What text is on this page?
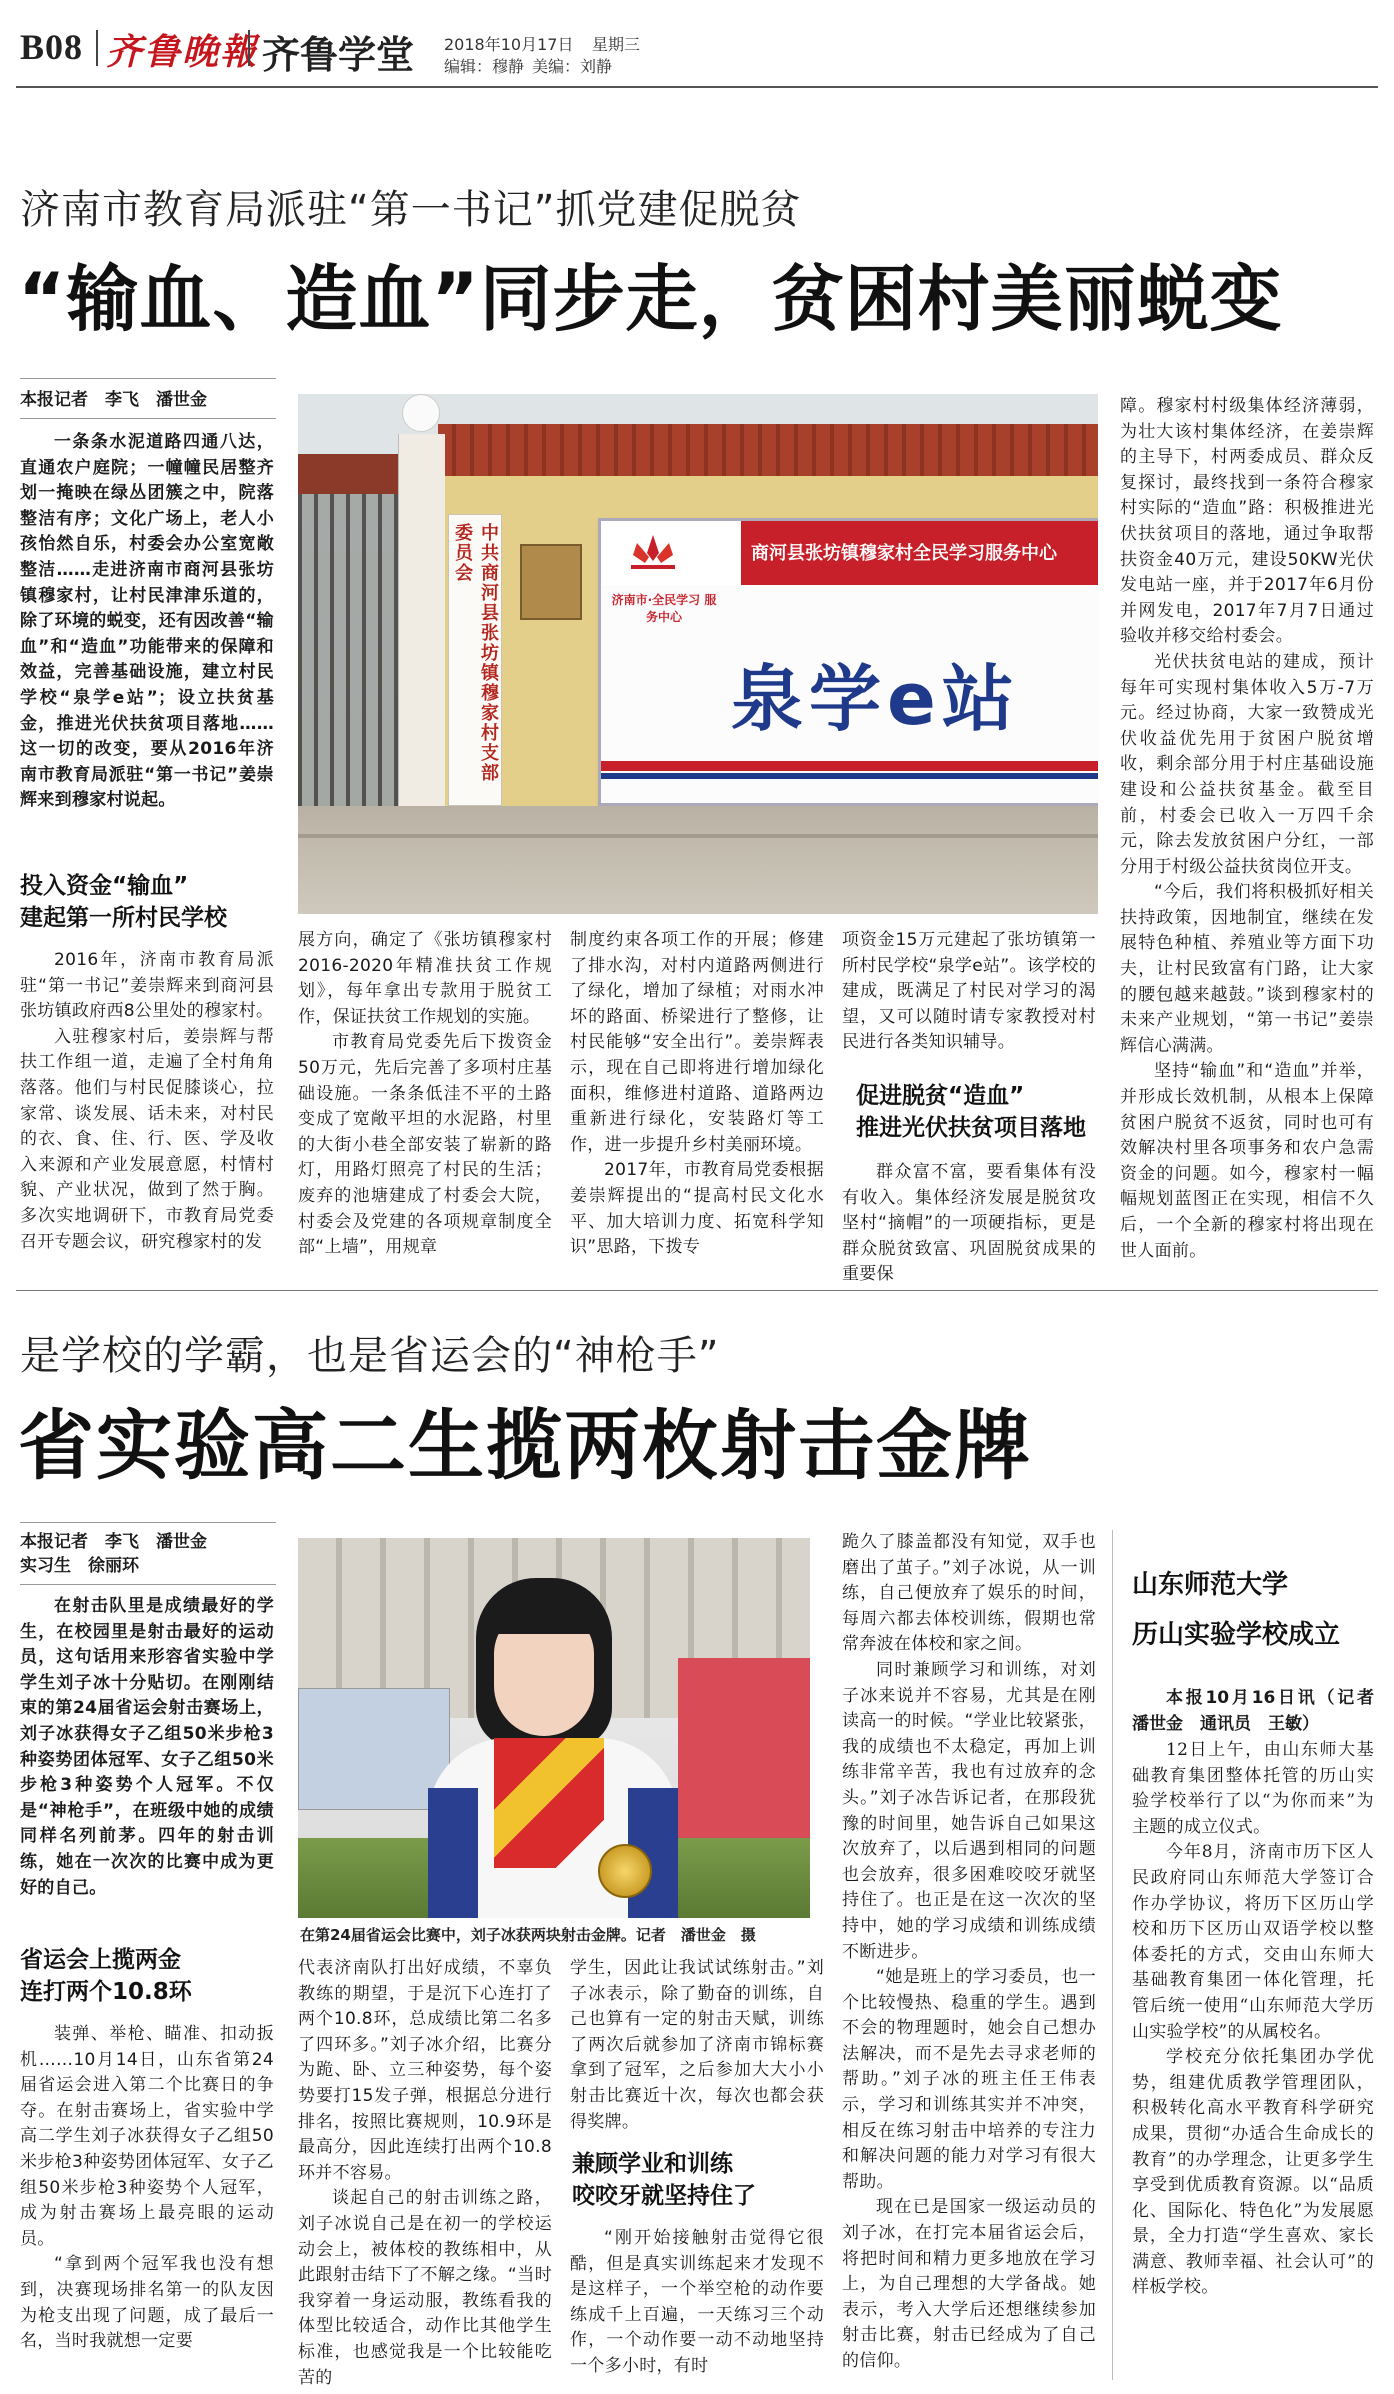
B08 齐鲁晚報 齐鲁学堂 2018年10月17日 星期三
编辑：穆静 美编：刘静
济南市教育局派驻“第一书记”抓党建促脱贫
“输血、造血”同步走，贫困村美丽蜕变
本报记者　李飞　潘世金

一条条水泥道路四通八达，直通农户庭院；一幢幢民居整齐划一掩映在绿丛团簇之中，院落整洁有序；文化广场上，老人小孩怡然自乐，村委会办公室宽敞整洁……走进济南市商河县张坊镇穆家村，让村民津津乐道的，除了环境的蜕变，还有因改善“输血”和“造血”功能带来的保障和效益，完善基础设施，建立村民学校“泉学e站”；设立扶贫基金，推进光伏扶贫项目落地……这一切的改变，要从2016年济南市教育局派驻“第一书记”姜崇辉来到穆家村说起。

投入资金“输血”
建起第一所村民学校

2016年，济南市教育局派驻“第一书记”姜崇辉来到商河县张坊镇政府西8公里处的穆家村。

入驻穆家村后，姜崇辉与帮扶工作组一道，走遍了全村角角落落。他们与村民促膝谈心，拉家常、谈发展、话未来，对村民的衣、食、住、行、医、学及收入来源和产业发展意愿，村情村貌、产业状况，做到了然于胸。多次实地调研下，市教育局党委召开专题会议，研究穆家村的发

中共商河县张坊镇穆家村支部委员会	商河县张坊镇穆家村全民学习服务中心
济南市·全民学习 服务中心
泉学e站

展方向，确定了《张坊镇穆家村2016-2020年精准扶贫工作规划》，每年拿出专款用于脱贫工作，保证扶贫工作规划的实施。

市教育局党委先后下拨资金50万元，先后完善了多项村庄基础设施。一条条低洼不平的土路变成了宽敞平坦的水泥路，村里的大街小巷全部安装了崭新的路灯，用路灯照亮了村民的生活；废弃的池塘建成了村委会大院，村委会及党建的各项规章制度全部“上墙”，用规章

制度约束各项工作的开展；修建了排水沟，对村内道路两侧进行了绿化，增加了绿植；对雨水冲坏的路面、桥梁进行了整修，让村民能够“安全出行”。姜崇辉表示，现在自己即将进行增加绿化面积，维修进村道路、道路两边重新进行绿化，安装路灯等工作，进一步提升乡村美丽环境。

2017年，市教育局党委根据姜崇辉提出的“提高村民文化水平、加大培训力度、拓宽科学知识”思路，下拨专

项资金15万元建起了张坊镇第一所村民学校“泉学e站”。该学校的建成，既满足了村民对学习的渴望，又可以随时请专家教授对村民进行各类知识辅导。

促进脱贫“造血”
推进光伏扶贫项目落地

群众富不富，要看集体有没有收入。集体经济发展是脱贫攻坚村“摘帽”的一项硬指标，更是群众脱贫致富、巩固脱贫成果的重要保

障。穆家村村级集体经济薄弱，为壮大该村集体经济，在姜崇辉的主导下，村两委成员、群众反复探讨，最终找到一条符合穆家村实际的“造血”路：积极推进光伏扶贫项目的落地，通过争取帮扶资金40万元，建设50KW光伏发电站一座，并于2017年6月份并网发电，2017年7月7日通过验收并移交给村委会。

光伏扶贫电站的建成，预计每年可实现村集体收入5万-7万元。经过协商，大家一致赞成光伏收益优先用于贫困户脱贫增收，剩余部分用于村庄基础设施建设和公益扶贫基金。截至目前，村委会已收入一万四千余元，除去发放贫困户分红，一部分用于村级公益扶贫岗位开支。

“今后，我们将积极抓好相关扶持政策，因地制宜，继续在发展特色种植、养殖业等方面下功夫，让村民致富有门路，让大家的腰包越来越鼓。”谈到穆家村的未来产业规划，“第一书记”姜崇辉信心满满。

坚持“输血”和“造血”并举，并形成长效机制，从根本上保障贫困户脱贫不返贫，同时也可有效解决村里各项事务和农户急需资金的问题。如今，穆家村一幅幅规划蓝图正在实现，相信不久后，一个全新的穆家村将出现在世人面前。

是学校的学霸，也是省运会的“神枪手”
省实验高二生揽两枚射击金牌
本报记者　李飞　潘世金
实习生　徐丽环

在射击队里是成绩最好的学生，在校园里是射击最好的运动员，这句话用来形容省实验中学学生刘子冰十分贴切。在刚刚结束的第24届省运会射击赛场上，刘子冰获得女子乙组50米步枪3种姿势团体冠军、女子乙组50米步枪3种姿势个人冠军。不仅是“神枪手”，在班级中她的成绩同样名列前茅。四年的射击训练，她在一次次的比赛中成为更好的自己。

省运会上揽两金
连打两个10.8环

装弹、举枪、瞄准、扣动扳机……10月14日，山东省第24届省运会进入第二个比赛日的争夺。在射击赛场上，省实验中学高二学生刘子冰获得女子乙组50米步枪3种姿势团体冠军、女子乙组50米步枪3种姿势个人冠军，成为射击赛场上最亮眼的运动员。

“拿到两个冠军我也没有想到，决赛现场排名第一的队友因为枪支出现了问题，成了最后一名，当时我就想一定要

在第24届省运会比赛中，刘子冰获两块射击金牌。记者　潘世金　摄

代表济南队打出好成绩，不辜负教练的期望，于是沉下心连打了两个10.8环，总成绩比第二名多了四环多。”刘子冰介绍，比赛分为跪、卧、立三种姿势，每个姿势要打15发子弹，根据总分进行排名，按照比赛规则，10.9环是最高分，因此连续打出两个10.8环并不容易。

谈起自己的射击训练之路，刘子冰说自己是在初一的学校运动会上，被体校的教练相中，从此跟射击结下了不解之缘。“当时我穿着一身运动服，教练看我的体型比较适合，动作比其他学生标准，也感觉我是一个比较能吃苦的

学生，因此让我试试练射击。”刘子冰表示，除了勤奋的训练，自己也算有一定的射击天赋，训练了两次后就参加了济南市锦标赛拿到了冠军，之后参加大大小小射击比赛近十次，每次也都会获得奖牌。

兼顾学业和训练
咬咬牙就坚持住了

“刚开始接触射击觉得它很酷，但是真实训练起来才发现不是这样子，一个举空枪的动作要练成千上百遍，一天练习三个动作，一个动作要一动不动地坚持一个多小时，有时

跪久了膝盖都没有知觉，双手也磨出了茧子。”刘子冰说，从一训练，自己便放弃了娱乐的时间，每周六都去体校训练，假期也常常奔波在体校和家之间。

同时兼顾学习和训练，对刘子冰来说并不容易，尤其是在刚读高一的时候。“学业比较紧张，我的成绩也不太稳定，再加上训练非常辛苦，我也有过放弃的念头。”刘子冰告诉记者，在那段犹豫的时间里，她告诉自己如果这次放弃了，以后遇到相同的问题也会放弃，很多困难咬咬牙就坚持住了。也正是在这一次次的坚持中，她的学习成绩和训练成绩不断进步。

“她是班上的学习委员，也一个比较慢热、稳重的学生。遇到不会的物理题时，她会自己想办法解决，而不是先去寻求老师的帮助。”刘子冰的班主任王伟表示，学习和训练其实并不冲突，相反在练习射击中培养的专注力和解决问题的能力对学习有很大帮助。

现在已是国家一级运动员的刘子冰，在打完本届省运会后，将把时间和精力更多地放在学习上，为自己理想的大学备战。她表示，考入大学后还想继续参加射击比赛，射击已经成为了自己的信仰。

山东师范大学
历山实验学校成立
本报10月16日讯（记者　潘世金　通讯员　王敏）

12日上午，由山东师大基础教育集团整体托管的历山实验学校举行了以“为你而来”为主题的成立仪式。

今年8月，济南市历下区人民政府同山东师范大学签订合作办学协议，将历下区历山学校和历下区历山双语学校以整体委托的方式，交由山东师大基础教育集团一体化管理，托管后统一使用“山东师范大学历山实验学校”的从属校名。

学校充分依托集团办学优势，组建优质教学管理团队，积极转化高水平教育科学研究成果，贯彻“办适合生命成长的教育”的办学理念，让更多学生享受到优质教育资源。以“品质化、国际化、特色化”为发展愿景，全力打造“学生喜欢、家长满意、教师幸福、社会认可”的样板学校。
